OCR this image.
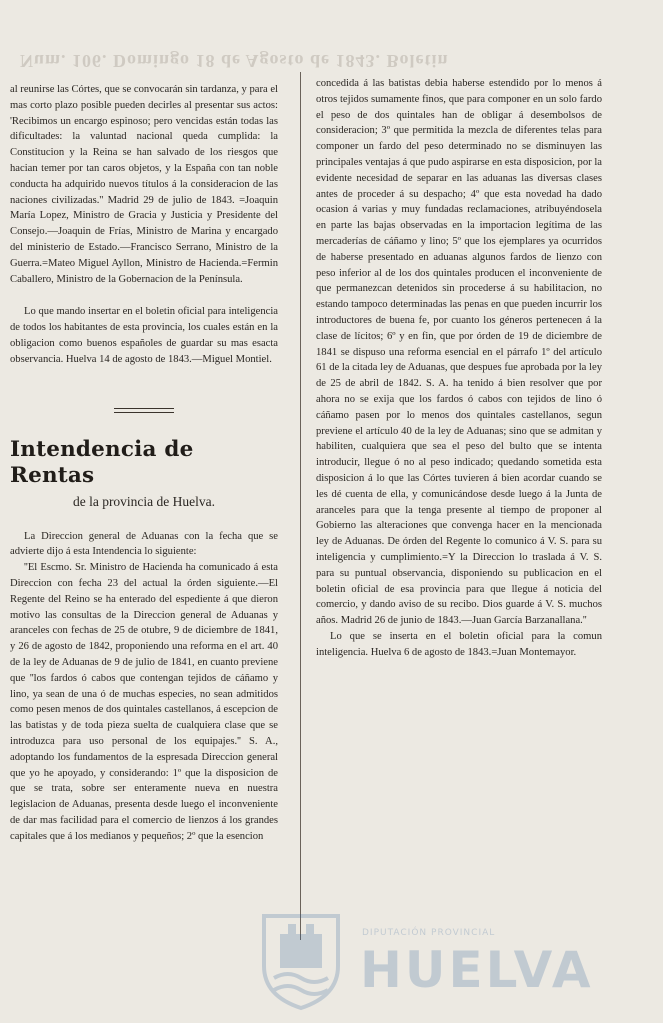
Num. 106. Domingo 18 de Agosto de 1843. Boletin

al reunirse las Córtes, que se convocarán sin tardanza, y para el mas corto plazo posible pueden decirles al presentar sus actos: 'Recibimos un encargo espinoso; pero vencidas están todas las dificultades: la valuntad nacional queda cumplida: la Constitucion y la Reina se han salvado de los riesgos que hacian temer por tan caros objetos, y la España con tan noble conducta ha adquirido nuevos títulos á la consideracion de las naciones civilizadas.'' Madrid 29 de julio de 1843. =Joaquin María Lopez, Ministro de Gracia y Justicia y Presidente del Consejo.—Joaquin de Frías, Ministro de Marina y encargado del ministerio de Estado.—Francisco Serrano, Ministro de la Guerra.=Mateo Miguel Ayllon, Ministro de Hacienda.=Fermin Caballero, Ministro de la Gobernacion de la Península.

Lo que mando insertar en el boletin oficial para inteligencia de todos los habitantes de esta provincia, los cuales están en la obligacion como buenos españoles de guardar su mas esacta observancia. Huelva 14 de agosto de 1843.—Miguel Montiel.

Intendencia de Rentas
de la provincia de Huelva.

La Direccion general de Aduanas con la fecha que se advierte dijo á esta Intendencia lo siguiente:

''El Escmo. Sr. Ministro de Hacienda ha comunicado á esta Direccion con fecha 23 del actual la órden siguiente.—El Regente del Reino se ha enterado del espediente á que dieron motivo las consultas de la Direccion general de Aduanas y aranceles con fechas de 25 de otubre, 9 de diciembre de 1841, y 26 de agosto de 1842, proponiendo una reforma en el art. 40 de la ley de Aduanas de 9 de julio de 1841, en cuanto previene que ''los fardos ó cabos que contengan tejidos de cáñamo y lino, ya sean de una ó de muchas especies, no sean admitidos como pesen menos de dos quintales castellanos, á escepcion de las batistas y de toda pieza suelta de cualquiera clase que se introduzca para uso personal de los equipajes.'' S. A., adoptando los fundamentos de la espresada Direccion general que yo he apoyado, y considerando: 1º que la disposicion de que se trata, sobre ser enteramente nueva en nuestra legislacion de Aduanas, presenta desde luego el inconveniente de dar mas facilidad para el comercio de lienzos á los grandes capitales que á los medianos y pequeños; 2º que la esencion

concedida á las batistas debia haberse estendido por lo menos á otros tejidos sumamente finos, que para componer en un solo fardo el peso de dos quintales han de obligar á desembolsos de consideracion; 3º que permitida la mezcla de diferentes telas para componer un fardo del peso determinado no se disminuyen las principales ventajas á que pudo aspirarse en esta disposicion, por la evidente necesidad de separar en las aduanas las diversas clases antes de proceder á su despacho; 4º que esta novedad ha dado ocasion á varias y muy fundadas reclamaciones, atribuyéndosela en parte las bajas observadas en la importacion legítima de las mercaderías de cáñamo y lino; 5º que los ejemplares ya ocurridos de haberse presentado en aduanas algunos fardos de lienzo con peso inferior al de los dos quintales producen el inconveniente de que permanezcan detenidos sin procederse á su habilitacion, no estando tampoco determinadas las penas en que pueden incurrir los introductores de buena fe, por cuanto los géneros pertenecen á la clase de lícitos; 6º y en fin, que por órden de 19 de diciembre de 1841 se dispuso una reforma esencial en el párrafo 1º del artículo 61 de la citada ley de Aduanas, que despues fue aprobada por la ley de 25 de abril de 1842. S. A. ha tenido á bien resolver que por ahora no se exija que los fardos ó cabos con tejidos de lino ó cáñamo pasen por lo menos dos quintales castellanos, segun previene el artículo 40 de la ley de Aduanas; sino que se admitan y habiliten, cualquiera que sea el peso del bulto que se intenta introducir, llegue ó no al peso indicado; quedando sometida esta disposicion á lo que las Córtes tuvieren á bien acordar cuando se les dé cuenta de ella, y comunicándose desde luego á la Junta de aranceles para que la tenga presente al tiempo de proponer al Gobierno las alteraciones que convenga hacer en la mencionada ley de Aduanas. De órden del Regente lo comunico á V. S. para su inteligencia y cumplimiento.=Y la Direccion lo traslada á V. S. para su puntual observancia, disponiendo su publicacion en el boletin oficial de esa provincia para que llegue á noticia del comercio, y dando aviso de su recibo. Dios guarde á V. S. muchos años. Madrid 26 de junio de 1843.—Juan García Barzanallana.''

Lo que se inserta en el boletin oficial para la comun inteligencia. Huelva 6 de agosto de 1843.=Juan Montemayor.

DIPUTACIÓN PROVINCIAL
HUELVA
